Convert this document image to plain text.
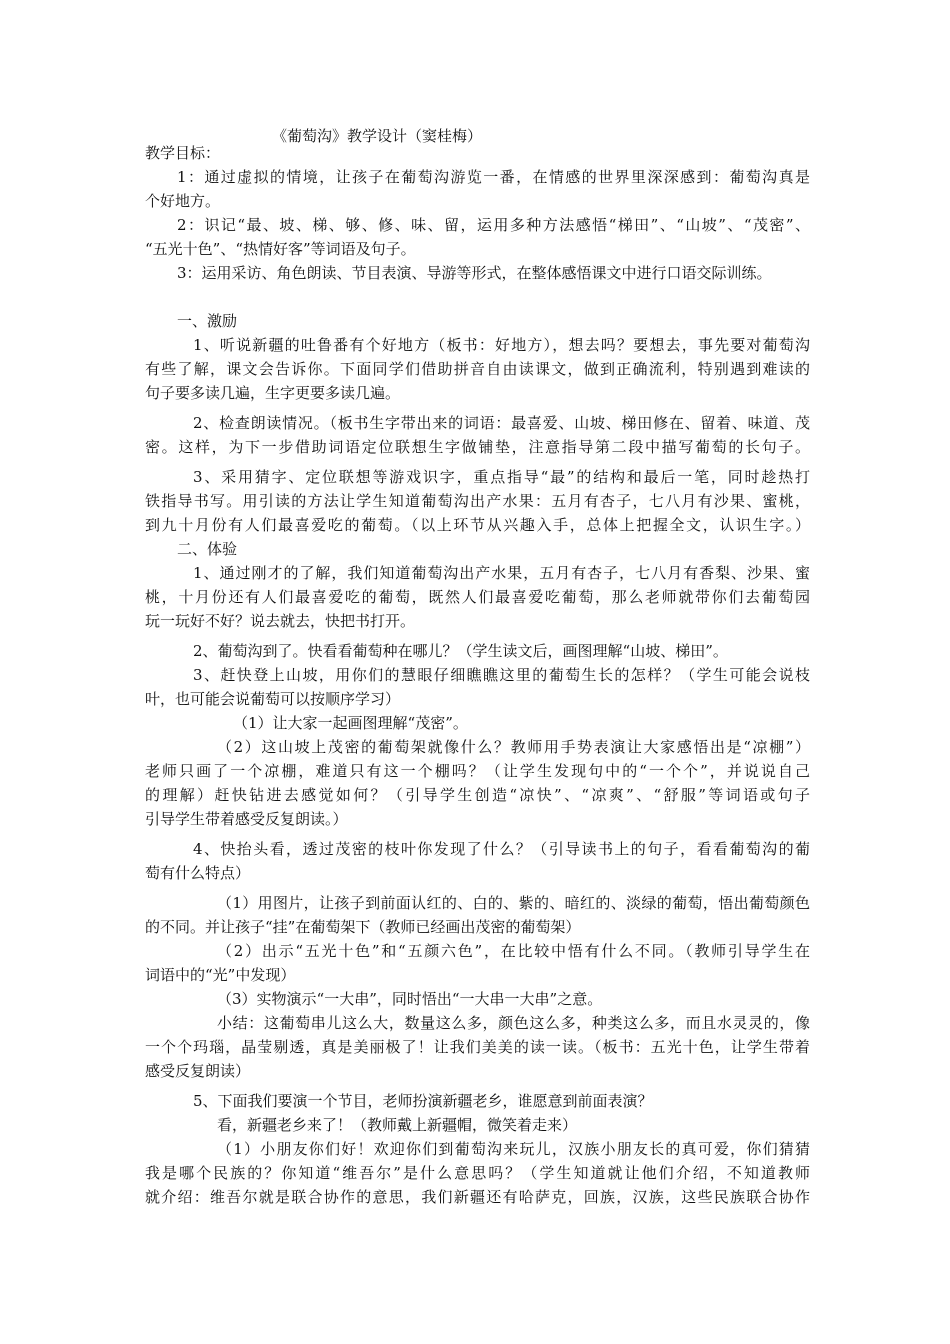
《葡萄沟》教学设计（窦桂梅）
教学目标：
1：通过虚拟的情境，让孩子在葡萄沟游览一番，在情感的世界里深深感到：葡萄沟真是
个好地方。
2：识记“最、坡、梯、够、修、味、留，运用多种方法感悟“梯田”、“山坡”、“茂密”、
“五光十色”、“热情好客”等词语及句子。
3：运用采访、角色朗读、节目表演、导游等形式，在整体感悟课文中进行口语交际训练。
一、激励
1、听说新疆的吐鲁番有个好地方（板书：好地方），想去吗？要想去，事先要对葡萄沟
有些了解，课文会告诉你。下面同学们借助拼音自由读课文，做到正确流利，特别遇到难读的
句子要多读几遍，生字更要多读几遍。
2、检查朗读情况。（板书生字带出来的词语：最喜爱、山坡、梯田修在、留着、味道、茂
密。这样，为下一步借助词语定位联想生字做铺垫，注意指导第二段中描写葡萄的长句子。
3、采用猜字、定位联想等游戏识字，重点指导“最”的结构和最后一笔，同时趁热打
铁指导书写。用引读的方法让学生知道葡萄沟出产水果：五月有杏子，七八月有沙果、蜜桃，
到九十月份有人们最喜爱吃的葡萄。（以上环节从兴趣入手，总体上把握全文，认识生字。）
二、体验
1、通过刚才的了解，我们知道葡萄沟出产水果，五月有杏子，七八月有香梨、沙果、蜜
桃，十月份还有人们最喜爱吃的葡萄，既然人们最喜爱吃葡萄，那么老师就带你们去葡萄园
玩一玩好不好？说去就去，快把书打开。
2、葡萄沟到了。快看看葡萄种在哪儿？（学生读文后，画图理解“山坡、梯田”。
3、赶快登上山坡，用你们的慧眼仔细瞧瞧这里的葡萄生长的怎样？（学生可能会说枝
叶，也可能会说葡萄可以按顺序学习）
（1）让大家一起画图理解“茂密”。
（2）这山坡上茂密的葡萄架就像什么？教师用手势表演让大家感悟出是“凉棚”）
老师只画了一个凉棚，难道只有这一个棚吗？（让学生发现句中的“一个个”，并说说自己
的理解）赶快钻进去感觉如何？（引导学生创造“凉快”、“凉爽”、“舒服”等词语或句子
引导学生带着感受反复朗读。）
4、快抬头看，透过茂密的枝叶你发现了什么？（引导读书上的句子，看看葡萄沟的葡
萄有什么特点）
（1）用图片，让孩子到前面认红的、白的、紫的、暗红的、淡绿的葡萄，悟出葡萄颜色
的不同。并让孩子“挂”在葡萄架下（教师已经画出茂密的葡萄架）
（2）出示“五光十色”和“五颜六色”，在比较中悟有什么不同。（教师引导学生在
词语中的“光”中发现）
（3）实物演示“一大串”，同时悟出“一大串一大串”之意。
小结：这葡萄串儿这么大，数量这么多，颜色这么多，种类这么多，而且水灵灵的，像
一个个玛瑙，晶莹剔透，真是美丽极了！让我们美美的读一读。（板书：五光十色，让学生带着
感受反复朗读）
5、下面我们要演一个节目，老师扮演新疆老乡，谁愿意到前面表演？
看，新疆老乡来了！（教师戴上新疆帽，微笑着走来）
（1）小朋友你们好！欢迎你们到葡萄沟来玩儿，汉族小朋友长的真可爱，你们猜猜
我是哪个民族的？你知道“维吾尔”是什么意思吗？（学生知道就让他们介绍，不知道教师
就介绍：维吾尔就是联合协作的意思，我们新疆还有哈萨克，回族，汉族，这些民族联合协作
